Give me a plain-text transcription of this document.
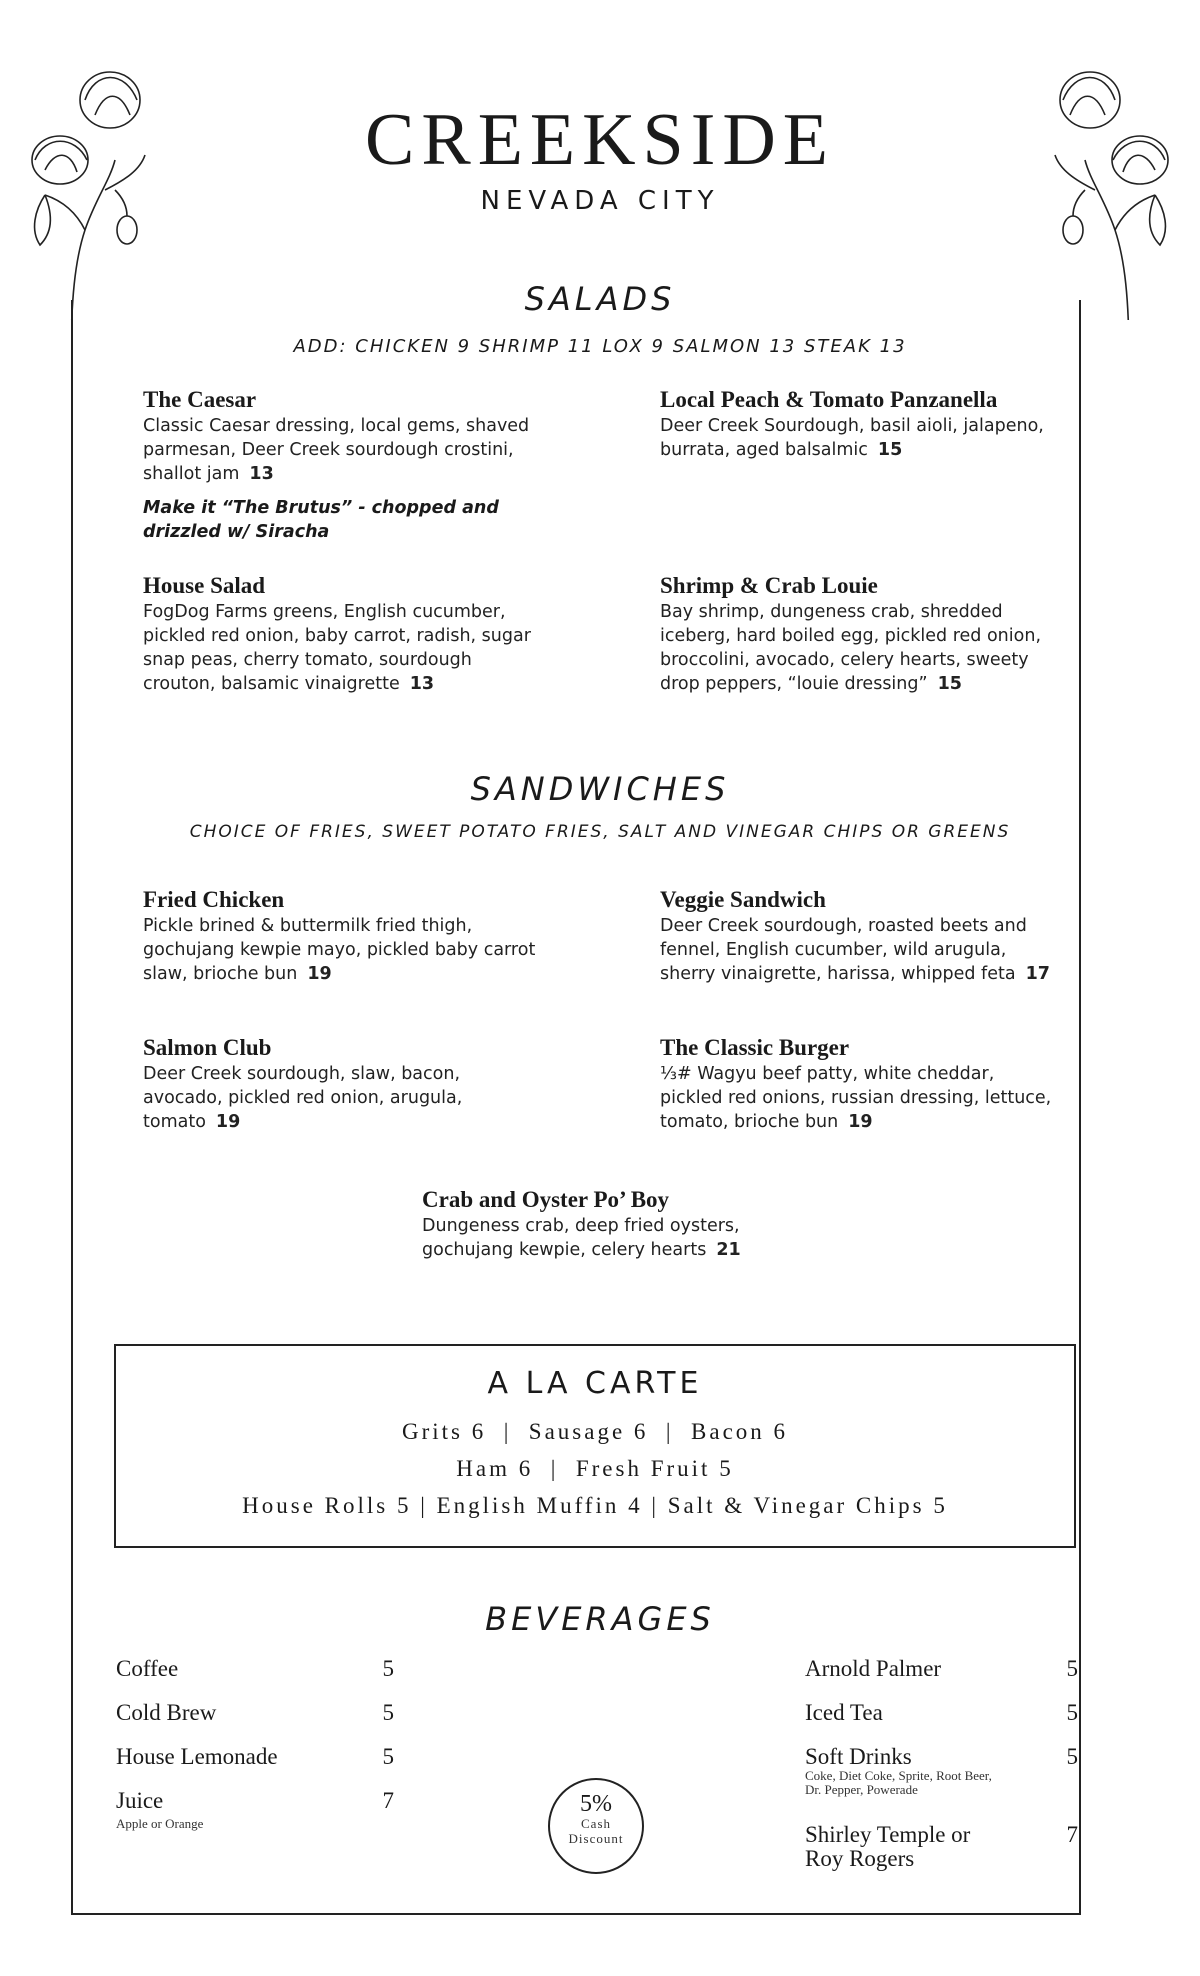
CREEKSIDE
NEVADA CITY
SALADS
ADD: CHICKEN 9 SHRIMP 11 LOX 9 SALMON 13 STEAK 13
The Caesar
Classic Caesar dressing, local gems, shaved parmesan, Deer Creek sourdough crostini, shallot jam 13
Make it “The Brutus” - chopped and drizzled w/ Siracha
Local Peach & Tomato Panzanella
Deer Creek Sourdough, basil aioli, jalapeno, burrata, aged balsalmic 15
House Salad
FogDog Farms greens, English cucumber, pickled red onion, baby carrot, radish, sugar snap peas, cherry tomato, sourdough crouton, balsamic vinaigrette 13
Shrimp & Crab Louie
Bay shrimp, dungeness crab, shredded iceberg, hard boiled egg, pickled red onion, broccolini, avocado, celery hearts, sweety drop peppers, “louie dressing” 15
SANDWICHES
CHOICE OF FRIES, SWEET POTATO FRIES, SALT AND VINEGAR CHIPS OR GREENS
Fried Chicken
Pickle brined & buttermilk fried thigh, gochujang kewpie mayo, pickled baby carrot slaw, brioche bun 19
Veggie Sandwich
Deer Creek sourdough, roasted beets and fennel, English cucumber, wild arugula, sherry vinaigrette, harissa, whipped feta 17
Salmon Club
Deer Creek sourdough, slaw, bacon, avocado, pickled red onion, arugula, tomato 19
The Classic Burger
⅓# Wagyu beef patty, white cheddar, pickled red onions, russian dressing, lettuce, tomato, brioche bun 19
Crab and Oyster Po’ Boy
Dungeness crab, deep fried oysters, gochujang kewpie, celery hearts 21
A LA CARTE
Grits 6  |  Sausage 6  |  Bacon 6
Ham 6  |  Fresh Fruit 5
House Rolls 5 | English Muffin 4 | Salt & Vinegar Chips 5
BEVERAGES
Coffee	5
Cold Brew	5
House Lemonade	5
Juice	7
Apple or Orange
Arnold Palmer	5
Iced Tea	5
Soft Drinks	5
Coke, Diet Coke, Sprite, Root Beer,
Dr. Pepper, Powerade
Shirley Temple or
Roy Rogers
7
5%
Cash
Discount
